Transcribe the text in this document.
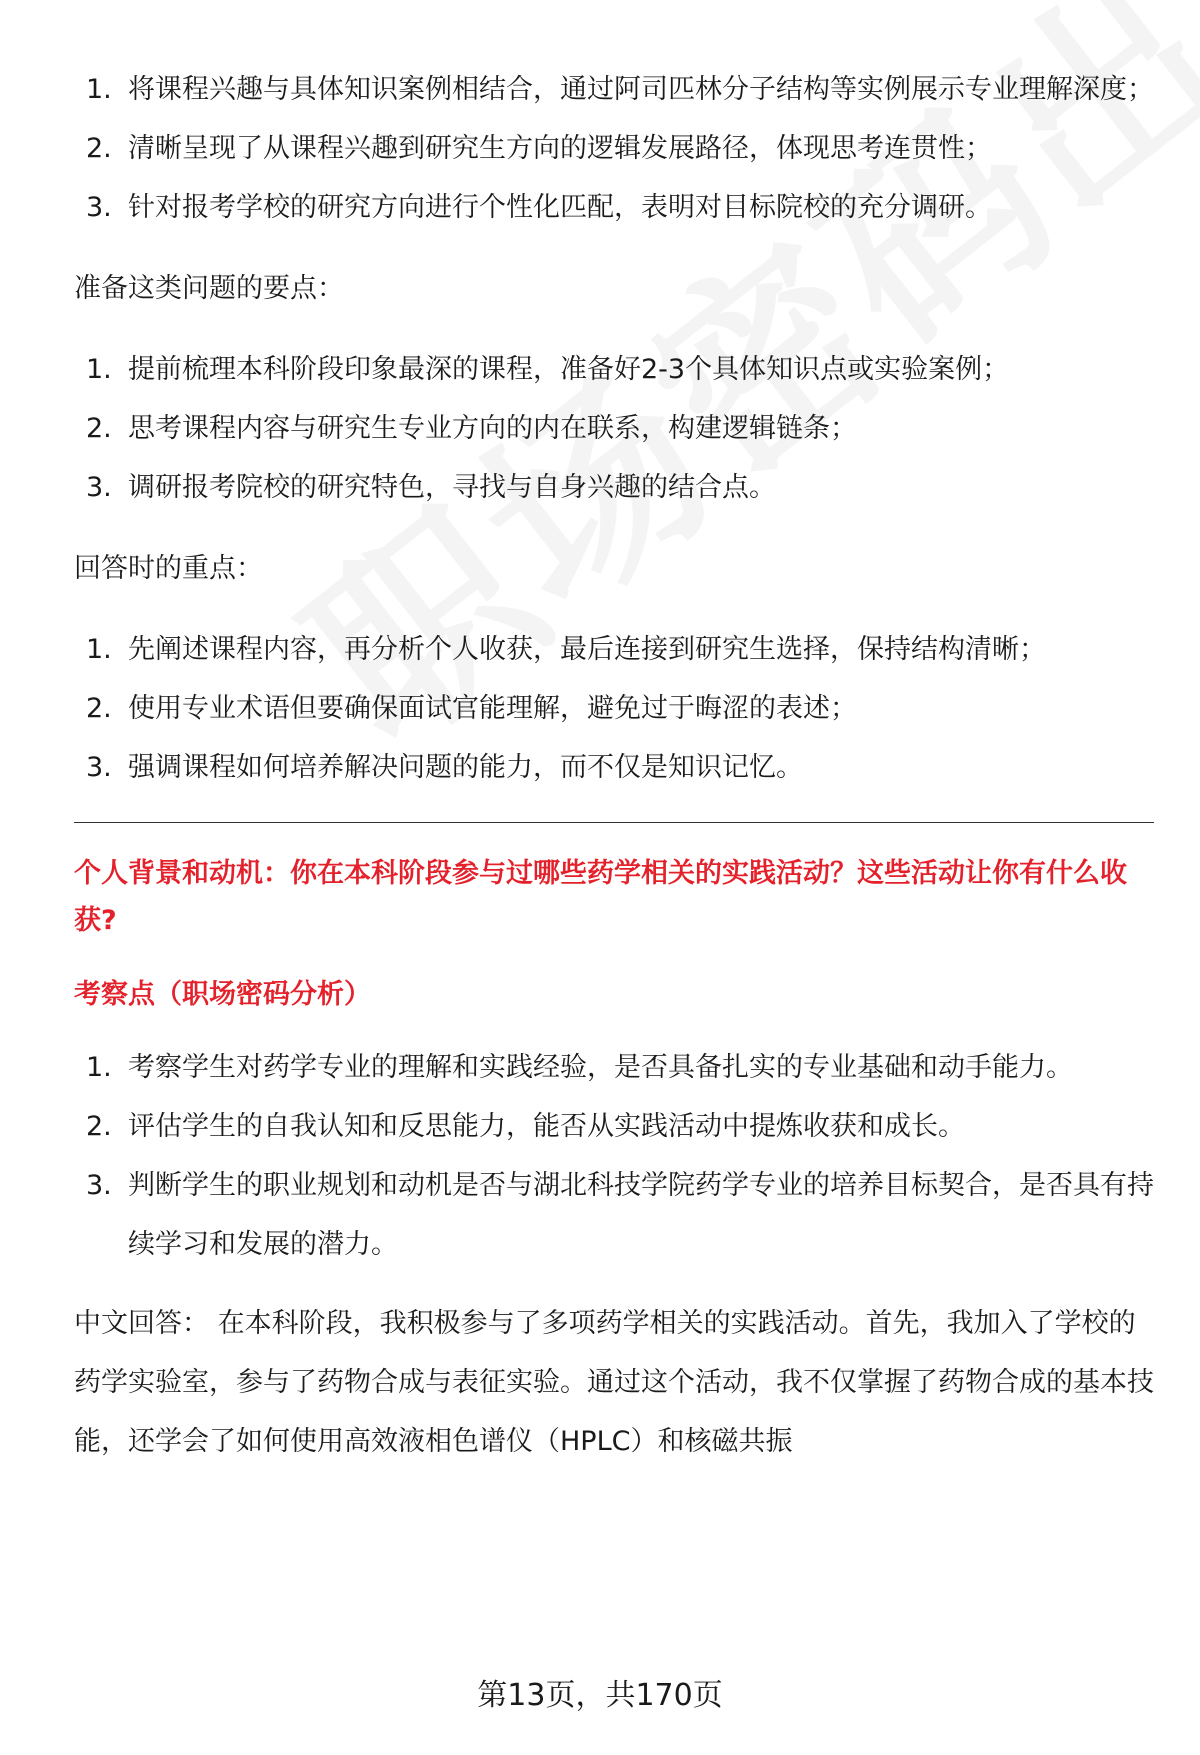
1. 将课程兴趣与具体知识案例相结合，通过阿司匹林分子结构等实例展示专业理解深度；
2. 清晰呈现了从课程兴趣到研究生方向的逻辑发展路径，体现思考连贯性；
3. 针对报考学校的研究方向进行个性化匹配，表明对目标院校的充分调研。
准备这类问题的要点：
1. 提前梳理本科阶段印象最深的课程，准备好2-3个具体知识点或实验案例；
2. 思考课程内容与研究生专业方向的内在联系，构建逻辑链条；
3. 调研报考院校的研究特色，寻找与自身兴趣的结合点。
回答时的重点：
1. 先阐述课程内容，再分析个人收获，最后连接到研究生选择，保持结构清晰；
2. 使用专业术语但要确保面试官能理解，避免过于晦涩的表述；
3. 强调课程如何培养解决问题的能力，而不仅是知识记忆。
个人背景和动机：你在本科阶段参与过哪些药学相关的实践活动？这些活动让你有什么收获?
考察点（职场密码分析）
1. 考察学生对药学专业的理解和实践经验，是否具备扎实的专业基础和动手能力。
2. 评估学生的自我认知和反思能力，能否从实践活动中提炼收获和成长。
3. 判断学生的职业规划和动机是否与湖北科技学院药学专业的培养目标契合，是否具有持续学习和发展的潜力。
中文回答： 在本科阶段，我积极参与了多项药学相关的实践活动。首先，我加入了学校的药学实验室，参与了药物合成与表征实验。通过这个活动，我不仅掌握了药物合成的基本技能，还学会了如何使用高效液相色谱仪（HPLC）和核磁共振
第13页，共170页
